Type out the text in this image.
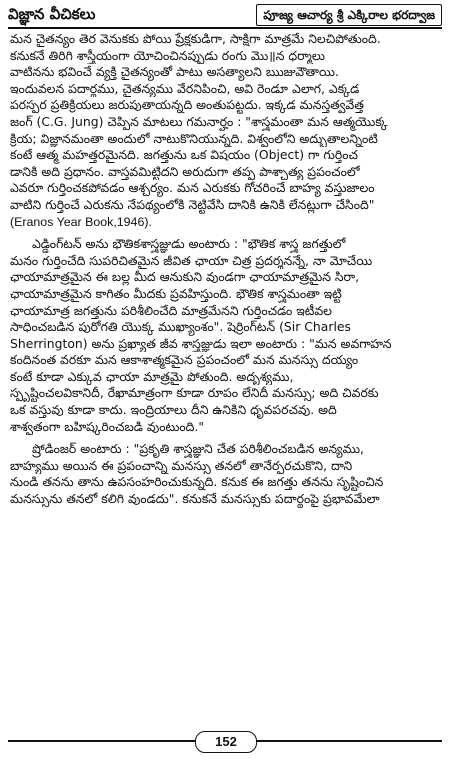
విజ్ఞాన వీచికలు	పూజ్య ఆచార్య శ్రీ ఎక్కిరాల భరద్వాజ
మన చైతన్యం తెర వెనుకకు పోయి ప్రేక్షకుడిగా, సాక్షిగా మాత్రమే నిలచిపోతుంది.
కనుకనే తిరిగి శాస్త్రీయంగా యోచించినప్పుడు రంగు మొ॥న ధర్మాలు
వాటినను భవించే వ్యక్తి చైతన్యంతో పాటు అసత్యాలని ఋజువౌతాయి.
ఇందువలన పదార్థము, చైతన్యము వేరనిపించి, అవి రెండూ ఎలాగ, ఎక్కడ
పరస్పర ప్రతిక్రియలు జరుపుతాయన్నది అంతుపట్టదు. ఇక్కడ మనస్తత్వవేత్త
జంగ్ (C.G. Jung) చెప్పిన మాటలు గమనార్హం : "శాస్త్రమంతా మన ఆత్మయొక్క
క్రియ; విజ్ఞానమంతా అందులో నాటుకొనియున్నది. విశ్వంలోని అద్భుతాలన్నింటి
కంటే ఆత్మ మహత్తరమైనది. జగత్తును ఒక విషయం (Object) గా గుర్తించ
డానికి అది ప్రధానం. వాస్తవమిట్టిదని అరుదుగా తప్ప పాశ్చాత్య ప్రపంచంలో
ఎవరూ గుర్తించకపోవడం ఆశ్చర్యం. మన ఎరుకకు గోచరించే బాహ్య వస్తుజాలం
వాటిని గుర్తించే ఎరుకను నేపథ్యంలోకి నెట్టివేసి దానికి ఉనికి లేనట్లుగా చేసింది"
(Eranos Year Book,1946).
ఎడ్డింగ్‌టన్ అను భౌతికశాస్త్రజ్ఞుడు అంటారు : "భౌతిక శాస్త్ర జగత్తులో
మనం గుర్తించేది సుపరిచితమైన జీవిత ఛాయా చిత్ర ప్రదర్శనన్నే, నా మోచేయి
ఛాయామాత్రమైన ఈ బల్ల మీద ఆనుకుని వుండగా ఛాయామాత్రమైన సిరా,
ఛాయామాత్రమైన కాగితం మీదకు ప్రవహిస్తుంది. భౌతిక శాస్త్రమంతా ఇట్టి
ఛాయామాత్ర జగత్తును పరిశీలించేది మాత్రమేనని గుర్తించడం ఇటీవల
సాధించబడిన పురోగతి యొక్క ముఖ్యాంశం". షెర్రింగ్‌టన్ (Sir Charles
Sherrington) అను ప్రఖ్యాత జీవ శాస్త్రజ్ఞుడు ఇలా అంటారు : "మన అవగాహన
కందినంత వరకూ మన ఆకాశాత్మకమైన ప్రపంచంలో మన మనస్సు దయ్యం
కంటే కూడా ఎక్కువ ఛాయా మాత్రమై పోతుంది. అదృశ్యము,
స్పృష్టించలవికానిదీ, రేఖామాత్రంగా కూడా రూపం లేనిదీ మనస్సు; అది చివరకు
ఒక వస్తువు కూడా కాదు. ఇంద్రియాలు దీని ఉనికిని ధృవపరచవు. అది
శాశ్వతంగా బహిష్కరించబడి వుంటుంది."
ష్రోడింజర్ అంటారు : "ప్రకృతి శాస్త్రజ్ఞుని చేత పరిశీలించబడిన అన్యము,
బాహ్యము అయిన ఈ ప్రపంచాన్ని మనస్సు తనలో తానేర్పరచుకొని, దాని
నుండి తనను తాను ఉపసంహరించుకున్నది. కనుక ఈ జగత్తు తనను సృష్టించిన
మనస్సును తనలో కలిగి వుండదు". కనుకనే మనస్సుకు పదార్థంపై ప్రభావమేలా
152
